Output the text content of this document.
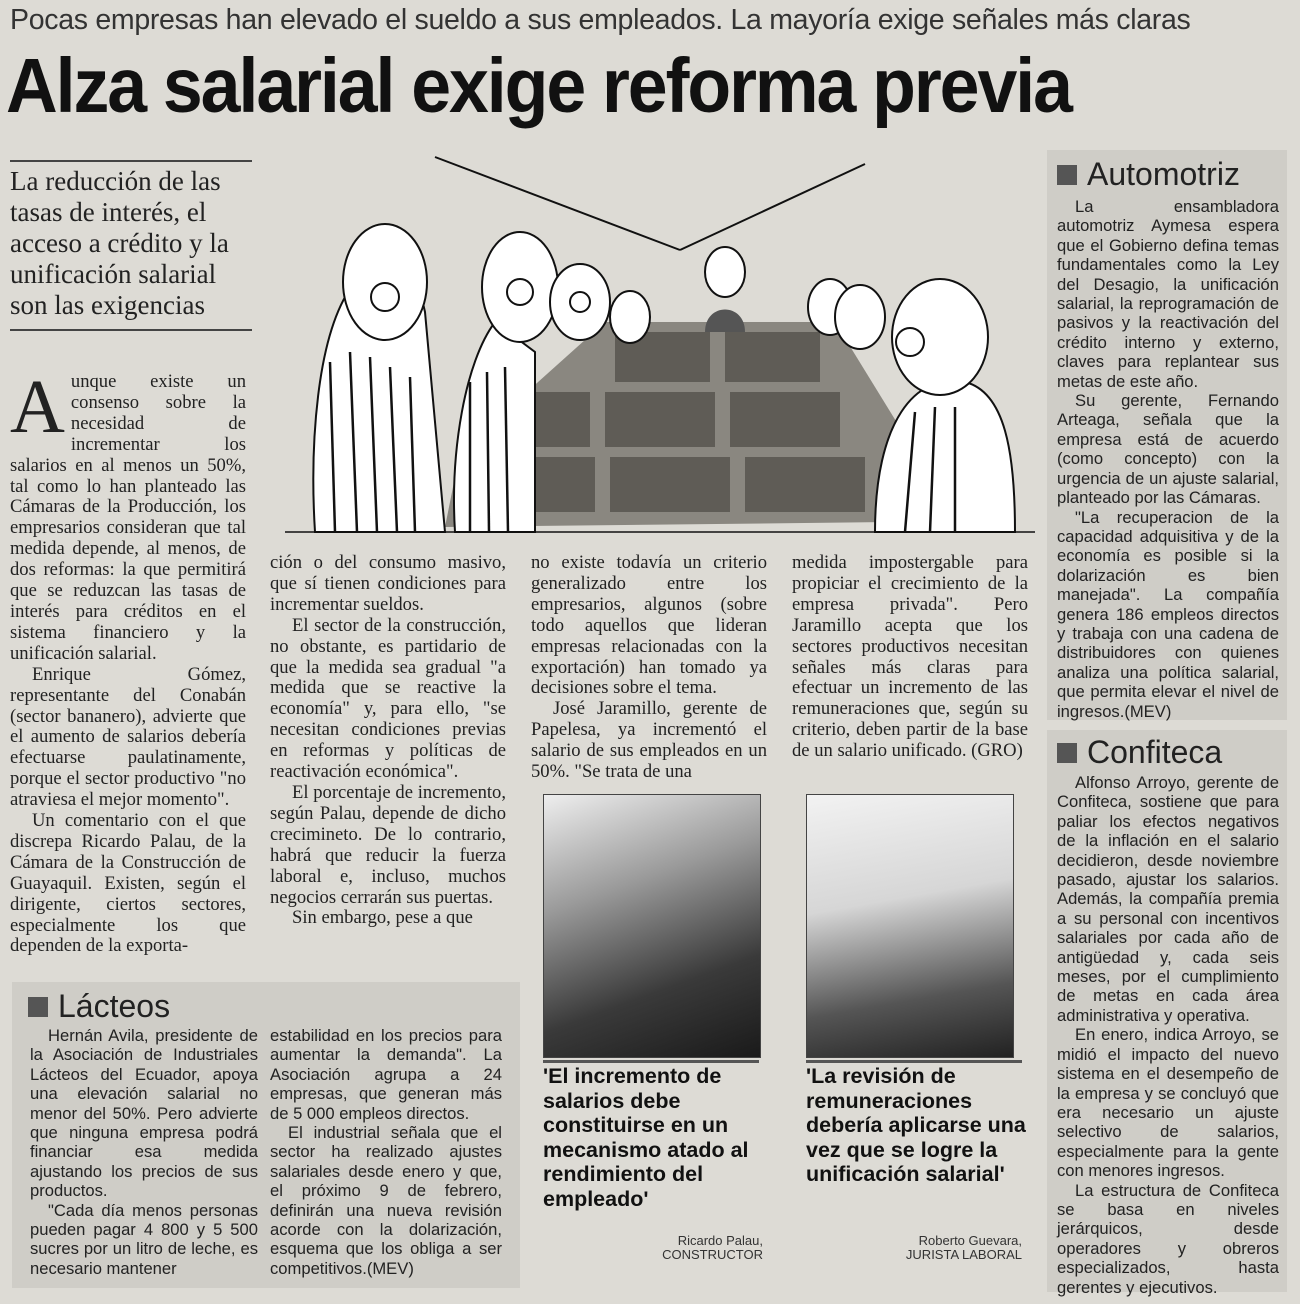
Pocas empresas han elevado el sueldo a sus empleados. La mayoría exige señales más claras
Alza salarial exige reforma previa
La reducción de las tasas de interés, el acceso a crédito y la unificación salarial son las exigencias

Aunque existe un consenso sobre la necesidad de incrementar los salarios en al menos un 50%, tal como lo han planteado las Cámaras de la Producción, los empresarios consideran que tal medida depende, al menos, de dos reformas: la que permitirá que se reduzcan las tasas de interés para créditos en el sistema financiero y la unificación salarial.

Enrique Gómez, representante del Conabán (sector bananero), advierte que el aumento de salarios debería efectuarse paulatinamente, porque el sector productivo "no atraviesa el mejor momento".

Un comentario con el que discrepa Ricardo Palau, de la Cámara de la Construcción de Guayaquil. Existen, según el dirigente, ciertos sectores, especialmente los que dependen de la exporta-

ción o del consumo masivo, que sí tienen condiciones para incrementar sueldos.

El sector de la construcción, no obstante, es partidario de que la medida sea gradual "a medida que se reactive la economía" y, para ello, "se necesitan condiciones previas en reformas y políticas de reactivación económica".

El porcentaje de incremento, según Palau, depende de dicho crecimineto. De lo contrario, habrá que reducir la fuerza laboral e, incluso, muchos negocios cerrarán sus puertas.

Sin embargo, pese a que

no existe todavía un criterio generalizado entre los empresarios, algunos (sobre todo aquellos que lideran empresas relacionadas con la exportación) han tomado ya decisiones sobre el tema.

José Jaramillo, gerente de Papelesa, ya incrementó el salario de sus empleados en un 50%. "Se trata de una

medida impostergable para propiciar el crecimiento de la empresa privada". Pero Jaramillo acepta que los sectores productivos necesitan señales más claras para efectuar un incremento de las remuneraciones que, según su criterio, deben partir de la base de un salario unificado. (GRO)

Automotriz

La ensambladora automotriz Aymesa espera que el Gobierno defina temas fundamentales como la Ley del Desagio, la unificación salarial, la reprogramación de pasivos y la reactivación del crédito interno y externo, claves para replantear sus metas de este año.

Su gerente, Fernando Arteaga, señala que la empresa está de acuerdo (como concepto) con la urgencia de un ajuste salarial, planteado por las Cámaras.

"La recuperacion de la capacidad adquisitiva y de la economía es posible si la dolarización es bien manejada". La compañía genera 186 empleos directos y trabaja con una cadena de distribuidores con quienes analiza una política salarial, que permita elevar el nivel de ingresos.(MEV)

Confiteca

Alfonso Arroyo, gerente de Confiteca, sostiene que para paliar los efectos negativos de la inflación en el salario decidieron, desde noviembre pasado, ajustar los salarios. Además, la compañía premia a su personal con incentivos salariales por cada año de antigüedad y, cada seis meses, por el cumplimiento de metas en cada área administrativa y operativa.

En enero, indica Arroyo, se midió el impacto del nuevo sistema en el desempeño de la empresa y se concluyó que era necesario un ajuste selectivo de salarios, especialmente para la gente con menores ingresos.

La estructura de Confiteca se basa en niveles jerárquicos, desde operadores y obreros especializados, hasta gerentes y ejecutivos.

Lácteos

Hernán Avila, presidente de la Asociación de Industriales Lácteos del Ecuador, apoya una elevación salarial no menor del 50%. Pero advierte que ninguna empresa podrá financiar esa medida ajustando los precios de sus productos.

"Cada día menos personas pueden pagar 4 800 y 5 500 sucres por un litro de leche, es necesario mantener

estabilidad en los precios para aumentar la demanda". La Asociación agrupa a 24 empresas, que generan más de 5 000 empleos directos.

El industrial señala que el sector ha realizado ajustes salariales desde enero y que, el próximo 9 de febrero, definirán una nueva revisión acorde con la dolarización, esquema que los obliga a ser competitivos.(MEV)

'El incremento de salarios debe constituirse en un mecanismo atado al rendimiento del empleado'
Ricardo Palau,
CONSTRUCTOR
'La revisión de remuneraciones debería aplicarse una vez que se logre la unificación salarial'
Roberto Guevara,
JURISTA LABORAL
